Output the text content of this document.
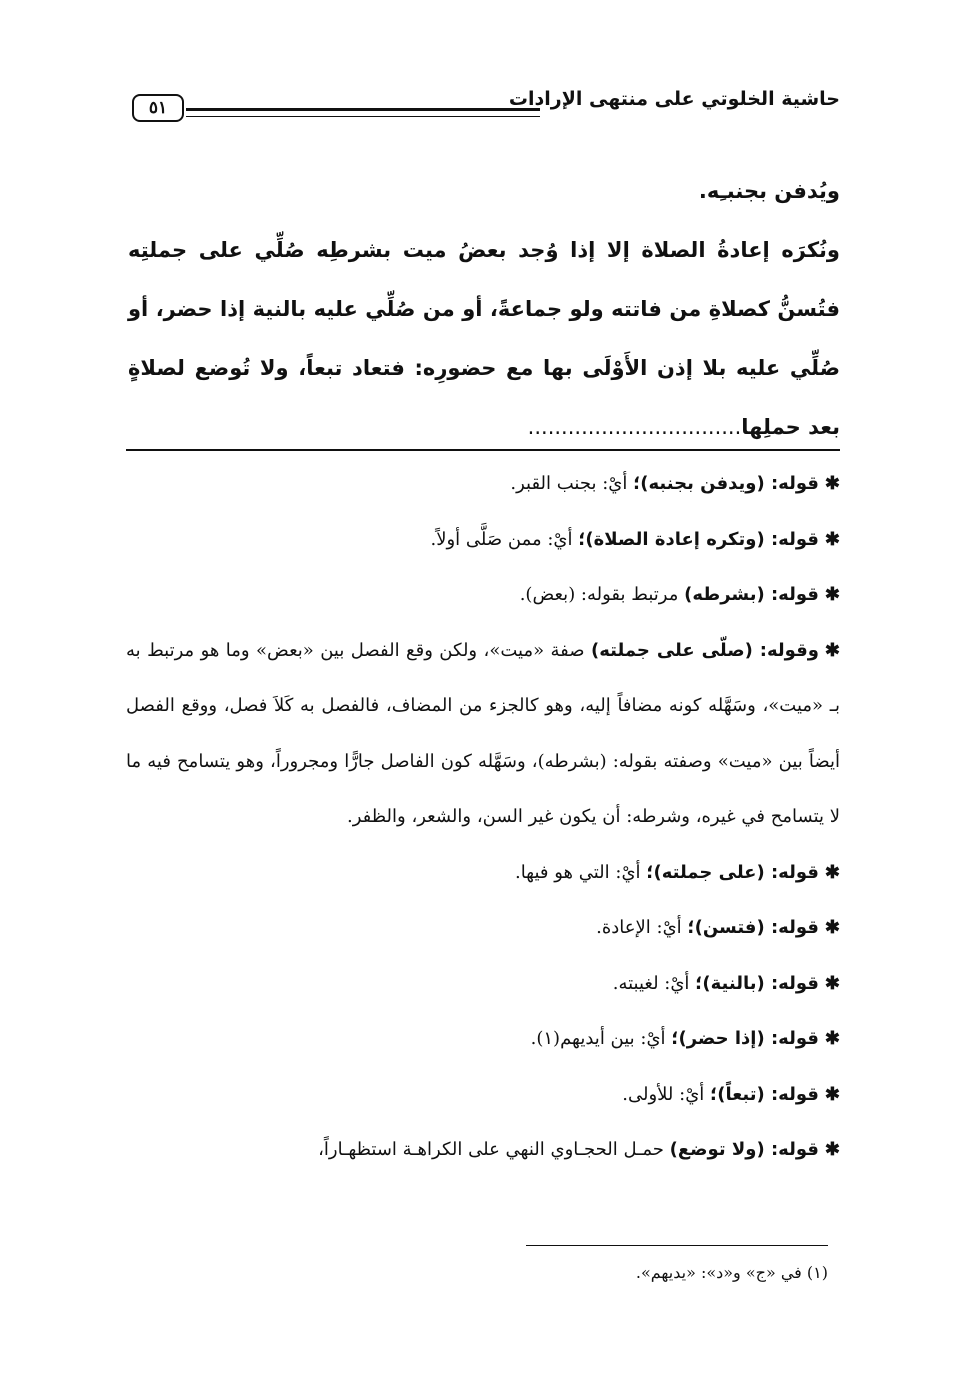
حاشية الخلوتي على منتهى الإرادات
٥١

ويُدفن بجنبـِه.

ونُكرَه إعادةُ الصلاة إلا إذا وُجد بعضُ ميت بشرطِه صُلِّي على جملتِه فتُسنُّ كصلاةِ من فاتته ولو جماعةً، أو من صُلِّي عليه بالنية إذا حضر، أو صُلِّي عليه بلا إذن الأَوْلَى بها مع حضورِه: فتعاد تبعاً، ولا تُوضع لصلاةٍ بعد حملِها................................

✱قوله: (ويدفن بجنبه)؛ أيْ: بجنب القبر.

✱قوله: (وتكره إعادة الصلاة)؛ أيْ: ممن صَلَّى أولاً.

✱قوله: (بشرطه) مرتبط بقوله: (بعض).

✱وقوله: (صلّى على جملته) صفة «ميت»، ولكن وقع الفصل بين «بعض» وما هو مرتبط به بـ «ميت»، وسَهَّله كونه مضافاً إليه، وهو كالجزء من المضاف، فالفصل به كَلاَ فصل، ووقع الفصل أيضاً بين «ميت» وصفته بقوله: (بشرطه)، وسَهَّله كون الفاصل جارًّا ومجروراً، وهو يتسامح فيه ما لا يتسامح في غيره، وشرطه: أن يكون غير السن، والشعر، والظفر.

✱قوله: (على جملته)؛ أيْ: التي هو فيها.

✱قوله: (فتسن)؛ أيْ: الإعادة.

✱قوله: (بالنية)؛ أيْ: لغيبته.

✱قوله: (إذا حضر)؛ أيْ: بين أيديهم(١).

✱قوله: (تبعاً)؛ أيْ: للأولى.

✱قوله: (ولا توضع) حمـل الحجـاوي النهي على الكراهـة استظهـاراً،

(١) في «ج» و«د»: «يديهم».
